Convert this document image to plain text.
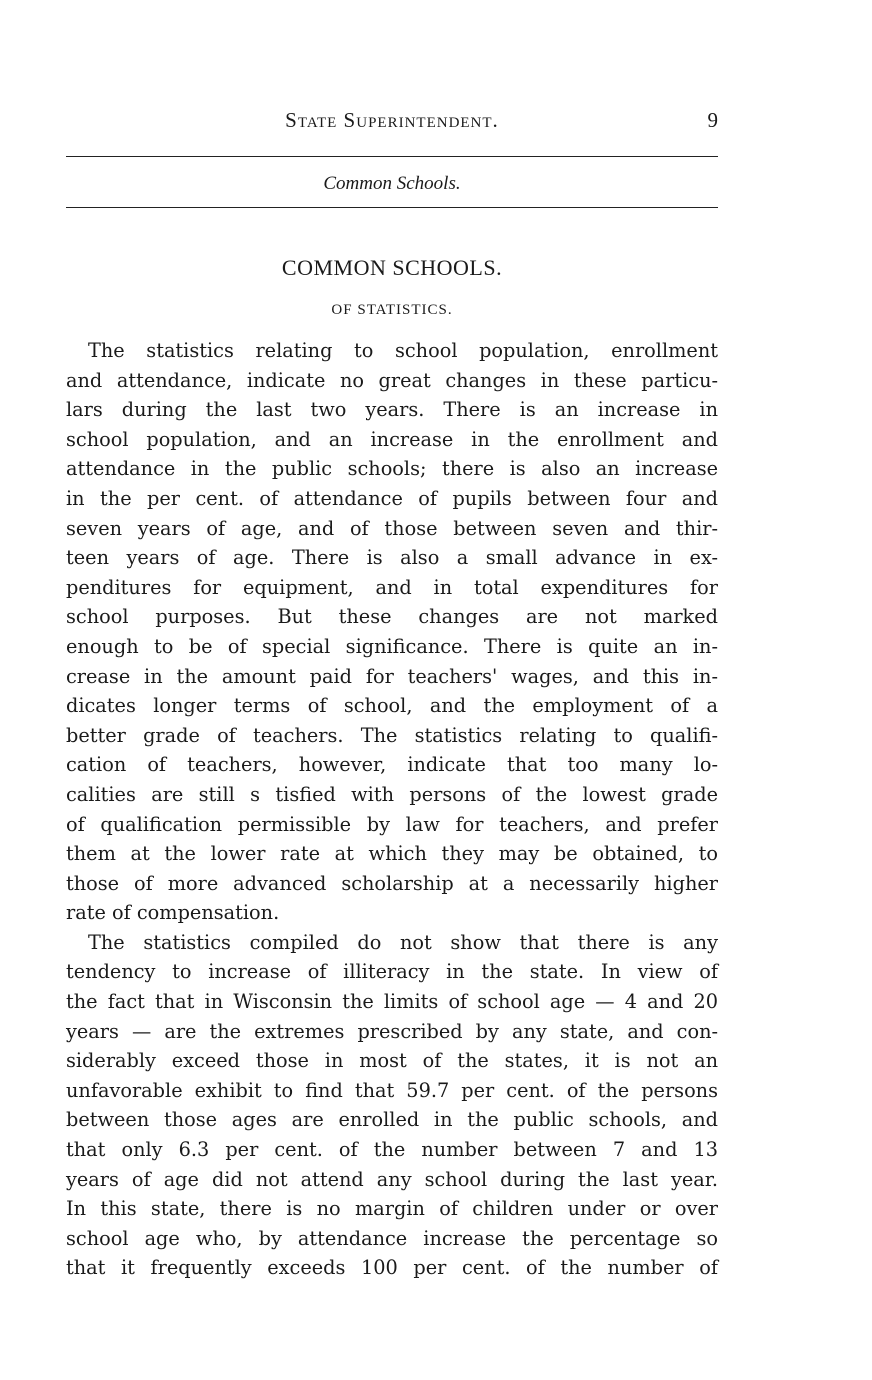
State Superintendent.	9
Common Schools.
COMMON SCHOOLS.
OF STATISTICS.
The statistics relating to school population, enrollment
and attendance, indicate no great changes in these particu-
lars during the last two years. There is an increase in
school population, and an increase in the enrollment and
attendance in the public schools; there is also an increase
in the per cent. of attendance of pupils between four and
seven years of age, and of those between seven and thir-
teen years of age. There is also a small advance in ex-
penditures for equipment, and in total expenditures for
school purposes. But these changes are not marked
enough to be of special significance. There is quite an in-
crease in the amount paid for teachers' wages, and this in-
dicates longer terms of school, and the employment of a
better grade of teachers. The statistics relating to qualifi-
cation of teachers, however, indicate that too many lo-
calities are still s tisfied with persons of the lowest grade
of qualification permissible by law for teachers, and prefer
them at the lower rate at which they may be obtained, to
those of more advanced scholarship at a necessarily higher
rate of compensation.
The statistics compiled do not show that there is any
tendency to increase of illiteracy in the state. In view of
the fact that in Wisconsin the limits of school age — 4 and 20
years — are the extremes prescribed by any state, and con-
siderably exceed those in most of the states, it is not an
unfavorable exhibit to find that 59.7 per cent. of the persons
between those ages are enrolled in the public schools, and
that only 6.3 per cent. of the number between 7 and 13
years of age did not attend any school during the last year.
In this state, there is no margin of children under or over
school age who, by attendance increase the percentage so
that it frequently exceeds 100 per cent. of the number of
